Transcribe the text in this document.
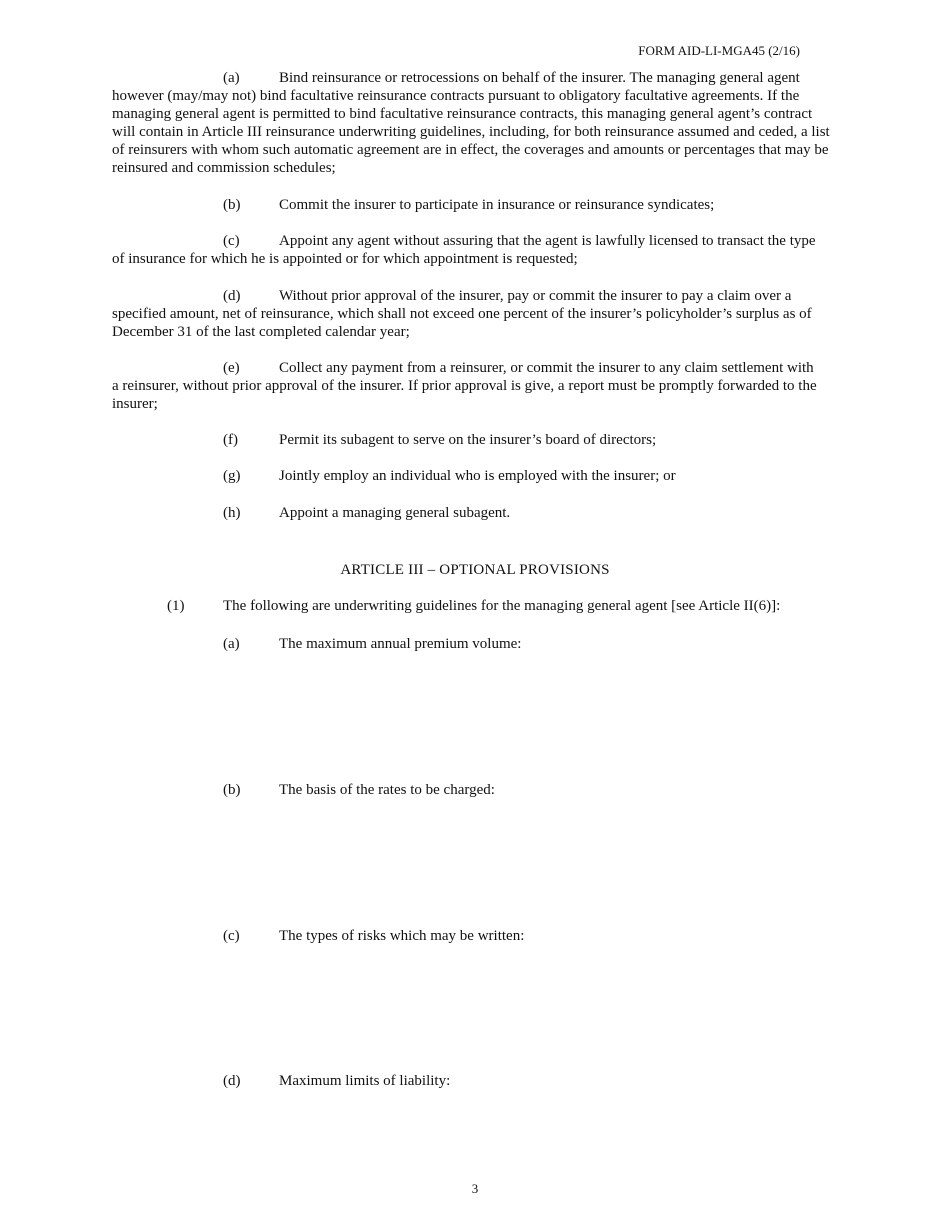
FORM AID-LI-MGA45 (2/16)
(a)	Bind reinsurance or retrocessions on behalf of the insurer. The managing general agent
however (may/may not) bind facultative reinsurance contracts pursuant to obligatory facultative agreements. If the managing general agent is permitted to bind facultative reinsurance contracts, this managing general agent’s contract will contain in Article III reinsurance underwriting guidelines, including, for both reinsurance assumed and ceded, a list of reinsurers with whom such automatic agreement are in effect, the coverages and amounts or percentages that may be reinsured and commission schedules;
(b)	Commit the insurer to participate in insurance or reinsurance syndicates;
(c)	Appoint any agent without assuring that the agent is lawfully licensed to transact the type
of insurance for which he is appointed or for which appointment is requested;
(d)	Without prior approval of the insurer, pay or commit the insurer to pay a claim over a
specified amount, net of reinsurance, which shall not exceed one percent of the insurer’s policyholder’s surplus as of December 31 of the last completed calendar year;
(e)	Collect any payment from a reinsurer, or commit the insurer to any claim settlement with
a reinsurer, without prior approval of the insurer. If prior approval is give, a report must be promptly forwarded to the insurer;
(f)	Permit its subagent to serve on the insurer’s board of directors;
(g)	Jointly employ an individual who is employed with the insurer; or
(h)	Appoint a managing general subagent.
ARTICLE III – OPTIONAL PROVISIONS
(1)	The following are underwriting guidelines for the managing general agent [see Article II(6)]:
(a)	The maximum annual premium volume:
(b)	The basis of the rates to be charged:
(c)	The types of risks which may be written:
(d)	Maximum limits of liability:
3
